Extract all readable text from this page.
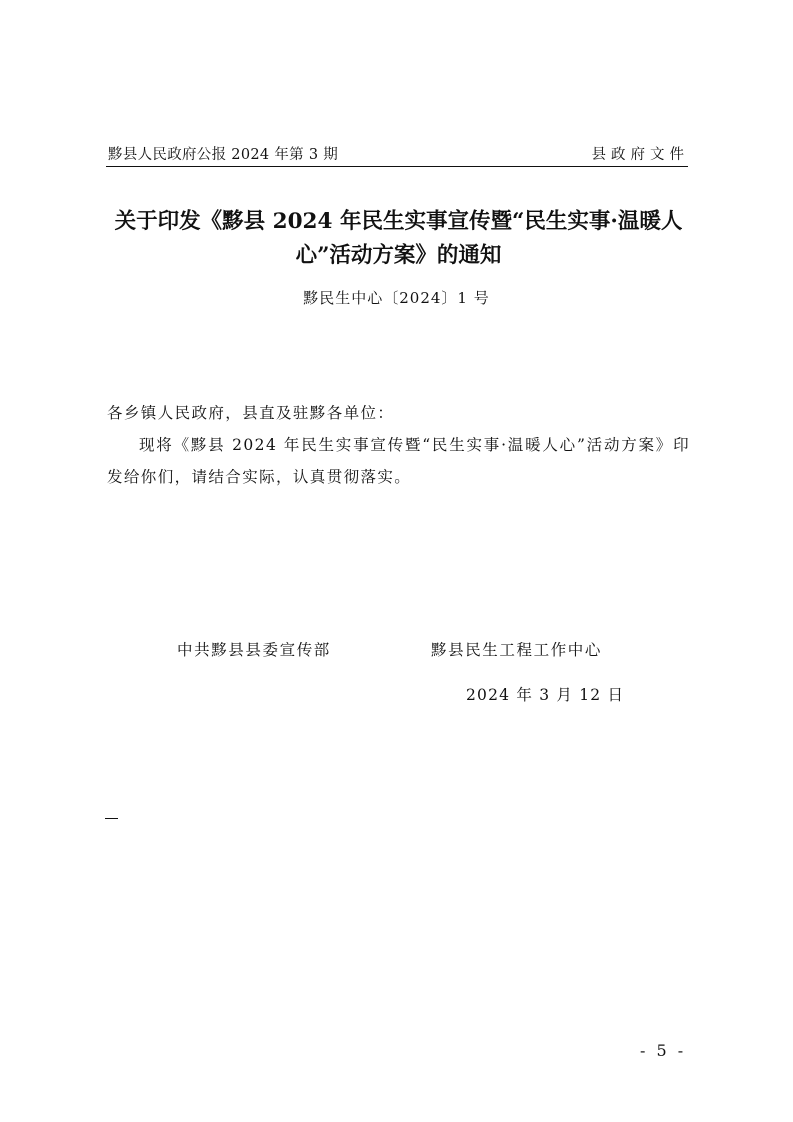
黟县人民政府公报 2024 年第 3 期	县政府文件
关于印发《黟县 2024 年民生实事宣传暨“民生实事·温暖人
心”活动方案》的通知
黟民生中心〔2024〕1 号
各乡镇人民政府，县直及驻黟各单位：
现将《黟县 2024 年民生实事宣传暨“民生实事·温暖人心”活动方案》印发给你们，请结合实际，认真贯彻落实。
中共黟县县委宣传部	黟县民生工程工作中心
2024 年 3 月 12 日
- 5 -
